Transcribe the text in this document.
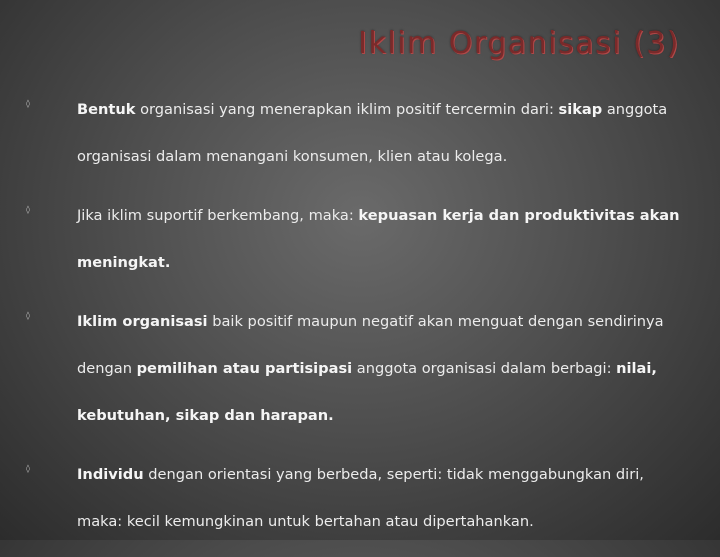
Iklim Organisasi (3)
◊	Bentuk organisasi yang menerapkan iklim positif tercermin dari: sikap anggota organisasi dalam menangani konsumen, klien atau kolega.
◊	Jika iklim suportif berkembang, maka: kepuasan kerja dan produktivitas akan meningkat.
◊	Iklim organisasi baik positif maupun negatif akan menguat dengan sendirinya dengan pemilihan atau partisipasi anggota organisasi dalam berbagi: nilai, kebutuhan, sikap dan harapan.
◊	Individu dengan orientasi yang berbeda, seperti: tidak menggabungkan diri, maka: kecil kemungkinan untuk bertahan atau dipertahankan.
